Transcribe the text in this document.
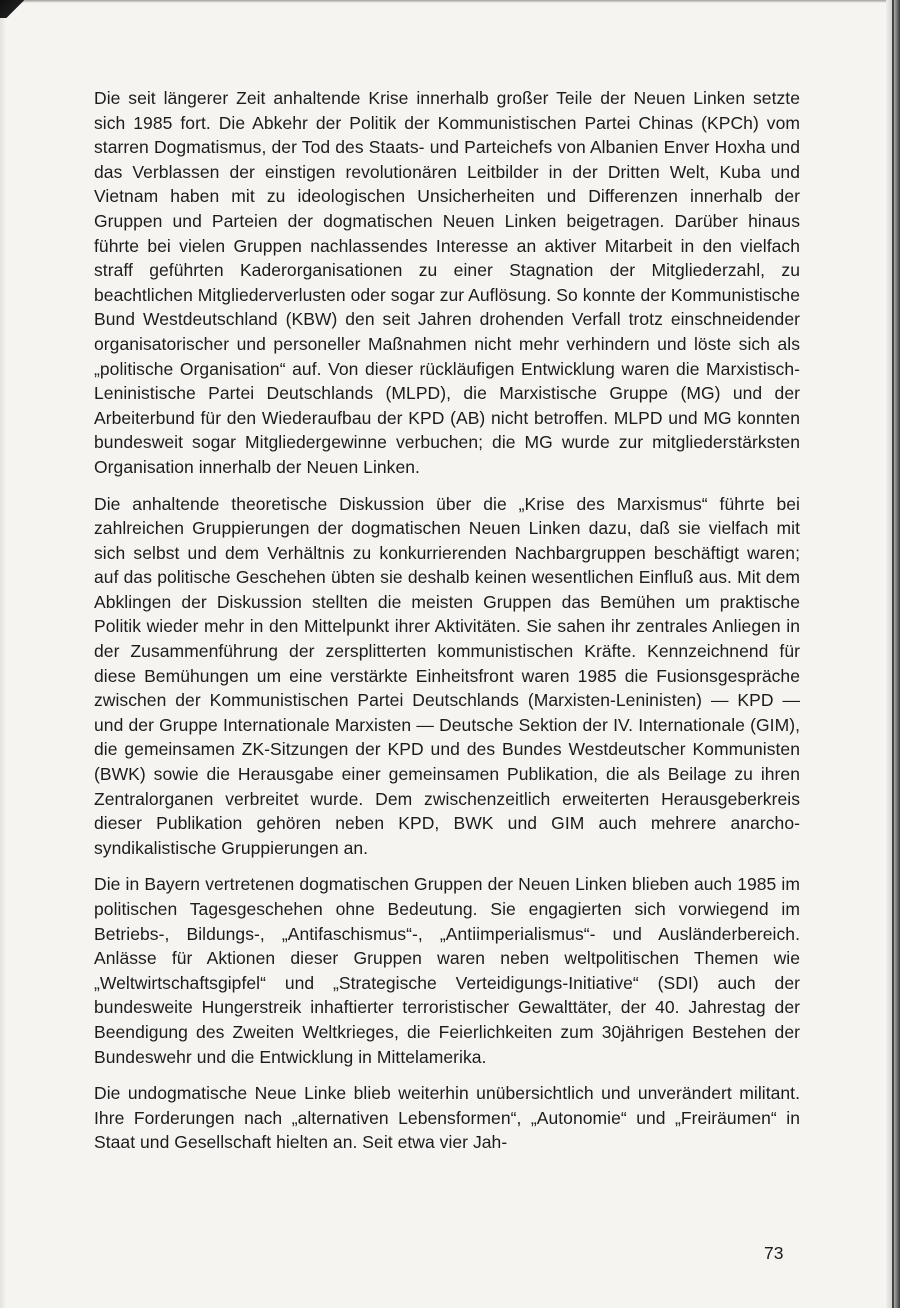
Die seit längerer Zeit anhaltende Krise innerhalb großer Teile der Neuen Linken setzte sich 1985 fort. Die Abkehr der Politik der Kommunistischen Partei Chinas (KPCh) vom starren Dogmatismus, der Tod des Staats- und Parteichefs von Albanien Enver Hoxha und das Verblassen der einstigen revolutionären Leitbilder in der Dritten Welt, Kuba und Vietnam haben mit zu ideologischen Unsicherheiten und Differenzen innerhalb der Gruppen und Parteien der dogmatischen Neuen Linken beigetragen. Darüber hinaus führte bei vielen Gruppen nachlassendes Interesse an aktiver Mitarbeit in den vielfach straff geführten Kaderorganisationen zu einer Stagnation der Mitgliederzahl, zu beachtlichen Mitgliederverlusten oder sogar zur Auflösung. So konnte der Kommunistische Bund Westdeutschland (KBW) den seit Jahren drohenden Verfall trotz einschneidender organisatorischer und personeller Maßnahmen nicht mehr verhindern und löste sich als „politische Organisation“ auf. Von dieser rückläufigen Entwicklung waren die Marxistisch-Leninistische Partei Deutschlands (MLPD), die Marxistische Gruppe (MG) und der Arbeiterbund für den Wiederaufbau der KPD (AB) nicht betroffen. MLPD und MG konnten bundesweit sogar Mitgliedergewinne verbuchen; die MG wurde zur mitgliederstärksten Organisation innerhalb der Neuen Linken.

Die anhaltende theoretische Diskussion über die „Krise des Marxismus“ führte bei zahlreichen Gruppierungen der dogmatischen Neuen Linken dazu, daß sie vielfach mit sich selbst und dem Verhältnis zu konkurrierenden Nachbargruppen beschäftigt waren; auf das politische Geschehen übten sie deshalb keinen wesentlichen Einfluß aus. Mit dem Abklingen der Diskussion stellten die meisten Gruppen das Bemühen um praktische Politik wieder mehr in den Mittelpunkt ihrer Aktivitäten. Sie sahen ihr zentrales Anliegen in der Zusammenführung der zersplitterten kommunistischen Kräfte. Kennzeichnend für diese Bemühungen um eine verstärkte Einheitsfront waren 1985 die Fusionsgespräche zwischen der Kommunistischen Partei Deutschlands (Marxisten-Leninisten) — KPD — und der Gruppe Internationale Marxisten — Deutsche Sektion der IV. Internationale (GIM), die gemeinsamen ZK-Sitzungen der KPD und des Bundes Westdeutscher Kommunisten (BWK) sowie die Herausgabe einer gemeinsamen Publikation, die als Beilage zu ihren Zentralorganen verbreitet wurde. Dem zwischenzeitlich erweiterten Herausgeberkreis dieser Publikation gehören neben KPD, BWK und GIM auch mehrere anarcho-syndikalistische Gruppierungen an.

Die in Bayern vertretenen dogmatischen Gruppen der Neuen Linken blieben auch 1985 im politischen Tagesgeschehen ohne Bedeutung. Sie engagierten sich vorwiegend im Betriebs-, Bildungs-, „Antifaschismus“-, „Antiimperialismus“- und Ausländerbereich. Anlässe für Aktionen dieser Gruppen waren neben weltpolitischen Themen wie „Weltwirtschaftsgipfel“ und „Strategische Verteidigungs-Initiative“ (SDI) auch der bundesweite Hungerstreik inhaftierter terroristischer Gewalttäter, der 40. Jahrestag der Beendigung des Zweiten Weltkrieges, die Feierlichkeiten zum 30jährigen Bestehen der Bundeswehr und die Entwicklung in Mittelamerika.

Die undogmatische Neue Linke blieb weiterhin unübersichtlich und unverändert militant. Ihre Forderungen nach „alternativen Lebensformen“, „Autonomie“ und „Freiräumen“ in Staat und Gesellschaft hielten an. Seit etwa vier Jah-

73
